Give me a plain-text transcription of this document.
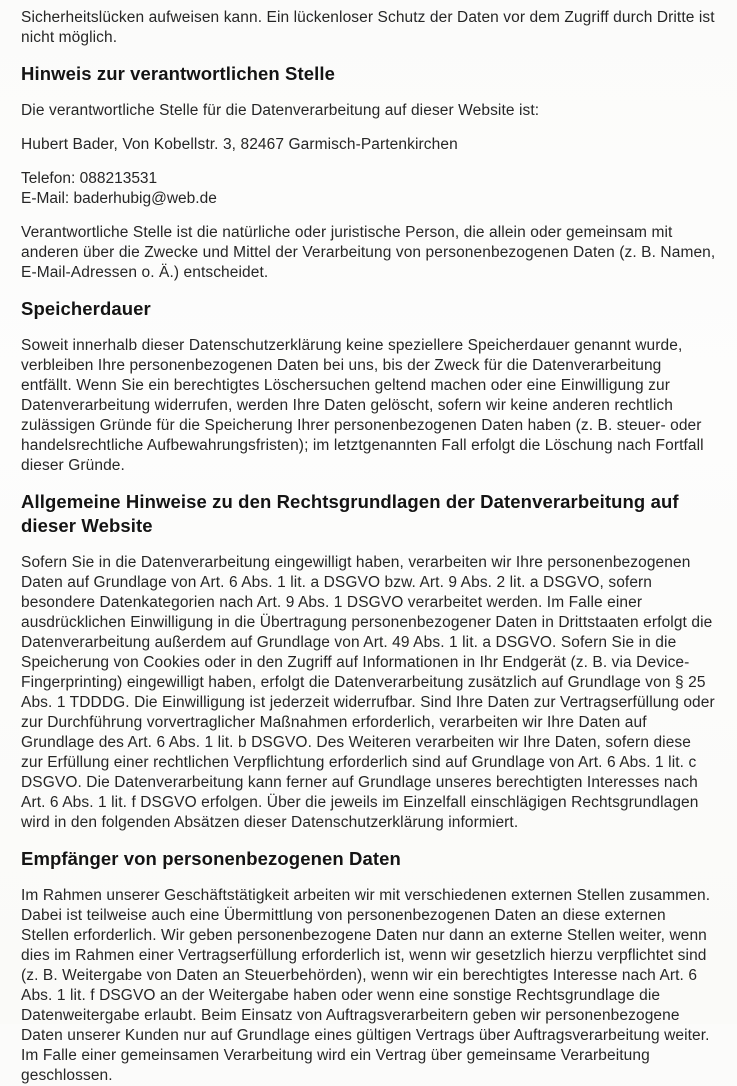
Sicherheitslücken aufweisen kann. Ein lückenloser Schutz der Daten vor dem Zugriff durch Dritte ist nicht möglich.

Hinweis zur verantwortlichen Stelle

Die verantwortliche Stelle für die Datenverarbeitung auf dieser Website ist:

Hubert Bader, Von Kobellstr. 3, 82467 Garmisch-Partenkirchen

Telefon: 088213531
E-Mail: baderhubig@web.de

Verantwortliche Stelle ist die natürliche oder juristische Person, die allein oder gemeinsam mit anderen über die Zwecke und Mittel der Verarbeitung von personenbezogenen Daten (z. B. Namen, E-Mail-Adressen o. Ä.) entscheidet.

Speicherdauer

Soweit innerhalb dieser Datenschutzerklärung keine speziellere Speicherdauer genannt wurde, verbleiben Ihre personenbezogenen Daten bei uns, bis der Zweck für die Datenverarbeitung entfällt. Wenn Sie ein berechtigtes Löschersuchen geltend machen oder eine Einwilligung zur Datenverarbeitung widerrufen, werden Ihre Daten gelöscht, sofern wir keine anderen rechtlich zulässigen Gründe für die Speicherung Ihrer personenbezogenen Daten haben (z. B. steuer- oder handelsrechtliche Aufbewahrungsfristen); im letztgenannten Fall erfolgt die Löschung nach Fortfall dieser Gründe.

Allgemeine Hinweise zu den Rechtsgrundlagen der Datenverarbeitung auf dieser Website

Sofern Sie in die Datenverarbeitung eingewilligt haben, verarbeiten wir Ihre personenbezogenen Daten auf Grundlage von Art. 6 Abs. 1 lit. a DSGVO bzw. Art. 9 Abs. 2 lit. a DSGVO, sofern besondere Datenkategorien nach Art. 9 Abs. 1 DSGVO verarbeitet werden. Im Falle einer ausdrücklichen Einwilligung in die Übertragung personenbezogener Daten in Drittstaaten erfolgt die Datenverarbeitung außerdem auf Grundlage von Art. 49 Abs. 1 lit. a DSGVO. Sofern Sie in die Speicherung von Cookies oder in den Zugriff auf Informationen in Ihr Endgerät (z. B. via Device-Fingerprinting) eingewilligt haben, erfolgt die Datenverarbeitung zusätzlich auf Grundlage von § 25 Abs. 1 TDDDG. Die Einwilligung ist jederzeit widerrufbar. Sind Ihre Daten zur Vertragserfüllung oder zur Durchführung vorvertraglicher Maßnahmen erforderlich, verarbeiten wir Ihre Daten auf Grundlage des Art. 6 Abs. 1 lit. b DSGVO. Des Weiteren verarbeiten wir Ihre Daten, sofern diese zur Erfüllung einer rechtlichen Verpflichtung erforderlich sind auf Grundlage von Art. 6 Abs. 1 lit. c DSGVO. Die Datenverarbeitung kann ferner auf Grundlage unseres berechtigten Interesses nach Art. 6 Abs. 1 lit. f DSGVO erfolgen. Über die jeweils im Einzelfall einschlägigen Rechtsgrundlagen wird in den folgenden Absätzen dieser Datenschutzerklärung informiert.

Empfänger von personenbezogenen Daten

Im Rahmen unserer Geschäftstätigkeit arbeiten wir mit verschiedenen externen Stellen zusammen. Dabei ist teilweise auch eine Übermittlung von personenbezogenen Daten an diese externen Stellen erforderlich. Wir geben personenbezogene Daten nur dann an externe Stellen weiter, wenn dies im Rahmen einer Vertragserfüllung erforderlich ist, wenn wir gesetzlich hierzu verpflichtet sind (z. B. Weitergabe von Daten an Steuerbehörden), wenn wir ein berechtigtes Interesse nach Art. 6 Abs. 1 lit. f DSGVO an der Weitergabe haben oder wenn eine sonstige Rechtsgrundlage die Datenweitergabe erlaubt. Beim Einsatz von Auftragsverarbeitern geben wir personenbezogene Daten unserer Kunden nur auf Grundlage eines gültigen Vertrags über Auftragsverarbeitung weiter. Im Falle einer gemeinsamen Verarbeitung wird ein Vertrag über gemeinsame Verarbeitung geschlossen.
